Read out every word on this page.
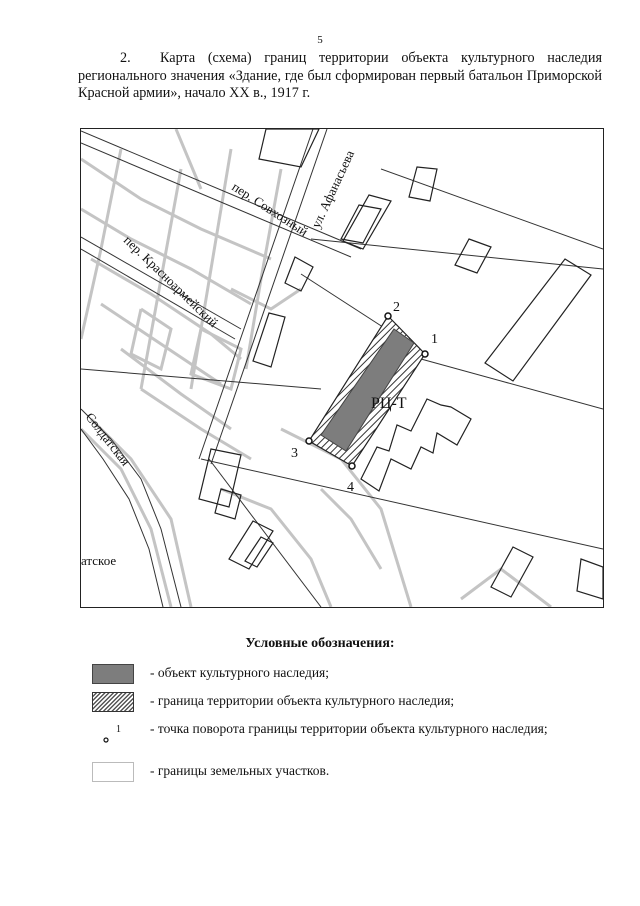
5
2. Карта (схема) границ территории объекта культурного наследия регионального значения «Здание, где был сформирован первый батальон Приморской Красной армии», начало XX в., 1917 г.
1
2
3
4
РЦ-Т
пер. Совхозный
ул. Афанасьева
пер. Красноармейский
Солдатская
атское
Условные обозначения:
- объект культурного наследия;
- граница территории объекта культурного наследия;
1 - точка поворота границы территории объекта культурного наследия;
- границы земельных участков.
